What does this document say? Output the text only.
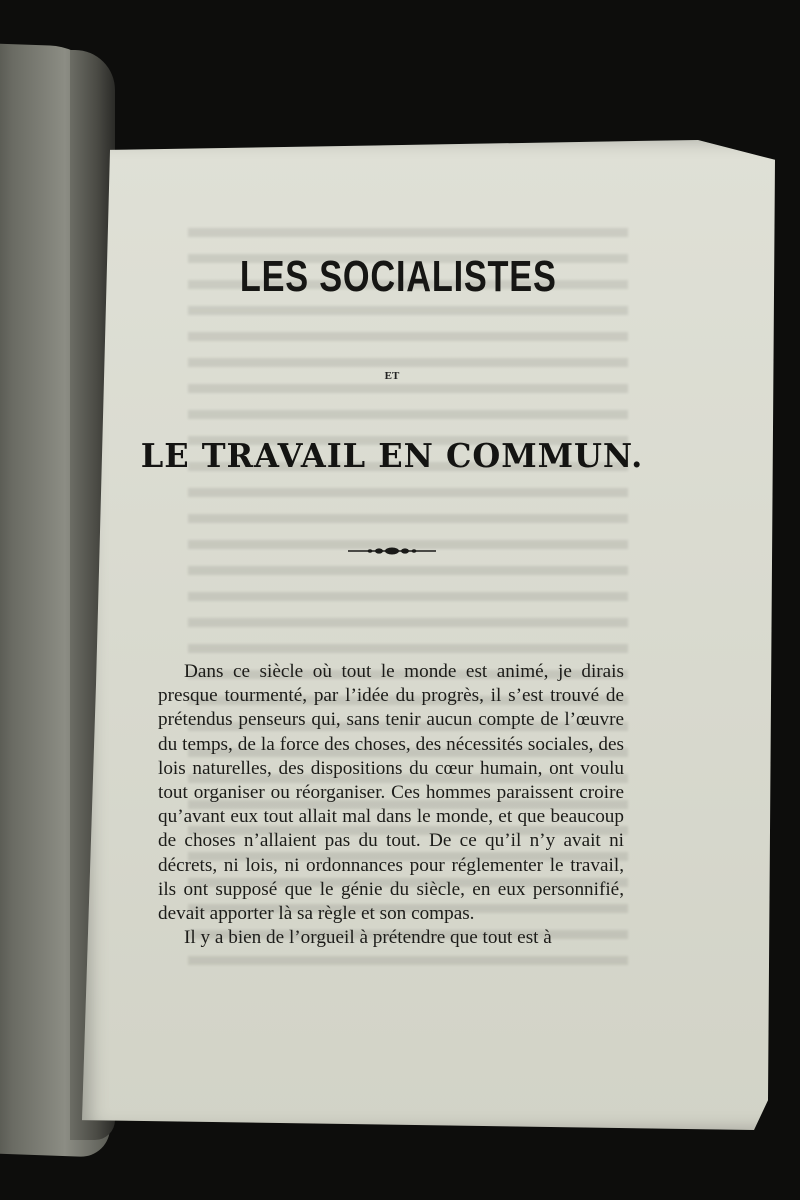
LES SOCIALISTES
ET
LE TRAVAIL EN COMMUN.

Dans ce siècle où tout le monde est animé, je dirais presque tourmenté, par l’idée du progrès, il s’est trouvé de prétendus penseurs qui, sans tenir aucun compte de l’œuvre du temps, de la force des choses, des nécessités sociales, des lois naturelles, des dispositions du cœur humain, ont voulu tout organiser ou réorganiser. Ces hommes paraissent croire qu’avant eux tout allait mal dans le monde, et que beaucoup de choses n’allaient pas du tout. De ce qu’il n’y avait ni décrets, ni lois, ni ordonnances pour réglementer le travail, ils ont supposé que le génie du siècle, en eux personnifié, devait apporter là sa règle et son compas.

Il y a bien de l’orgueil à prétendre que tout est à
